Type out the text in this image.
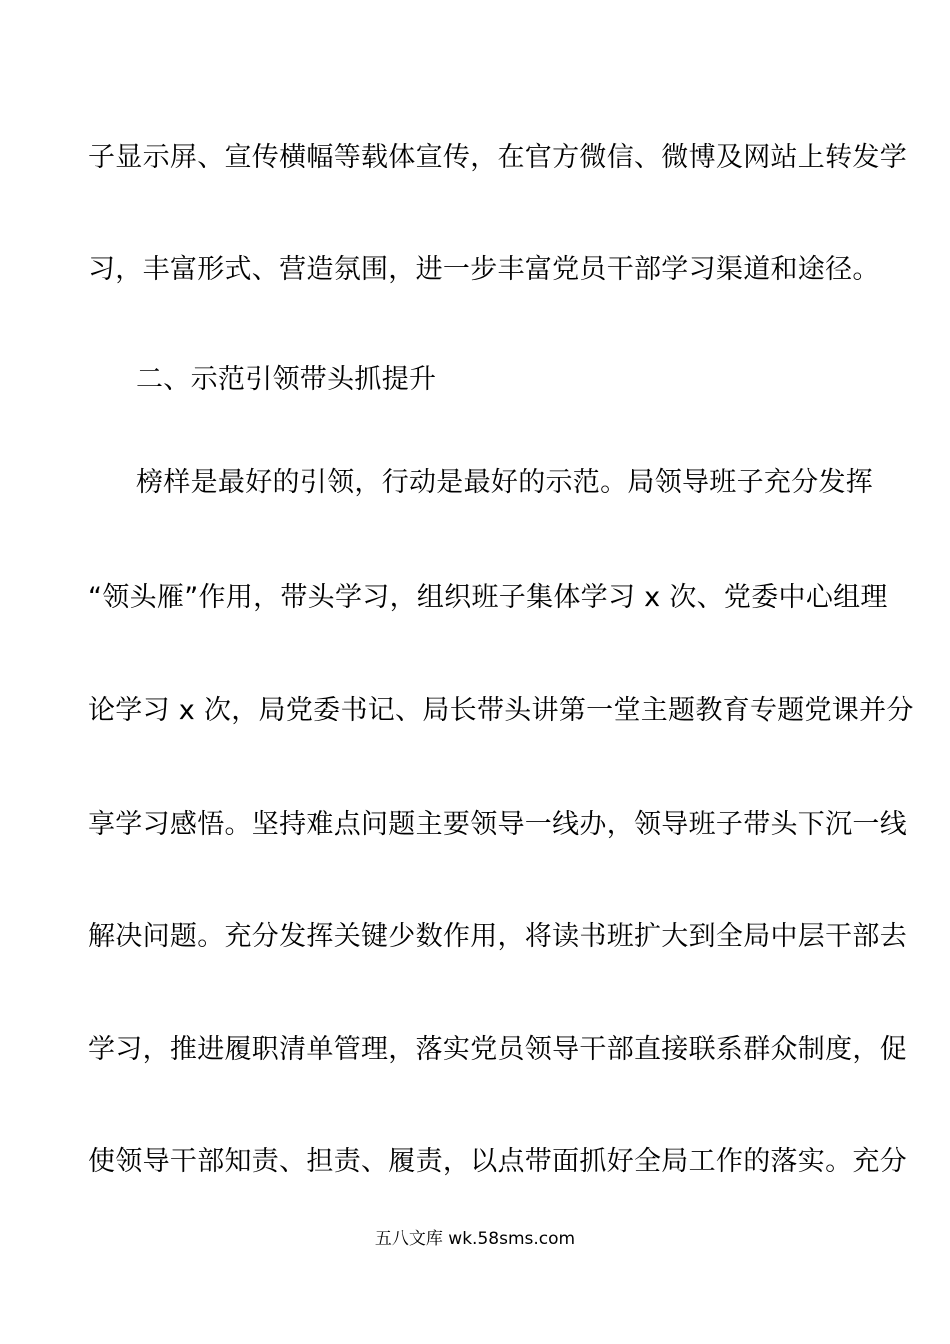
子显示屏、宣传横幅等载体宣传，在官方微信、微博及网站上转发学
习，丰富形式、营造氛围，进一步丰富党员干部学习渠道和途径。
二、示范引领带头抓提升
榜样是最好的引领，行动是最好的示范。局领导班子充分发挥
“领头雁”作用，带头学习，组织班子集体学习 x 次、党委中心组理
论学习 x 次，局党委书记、局长带头讲第一堂主题教育专题党课并分
享学习感悟。坚持难点问题主要领导一线办，领导班子带头下沉一线
解决问题。充分发挥关键少数作用，将读书班扩大到全局中层干部去
学习，推进履职清单管理，落实党员领导干部直接联系群众制度，促
使领导干部知责、担责、履责，以点带面抓好全局工作的落实。充分
五八文库 wk.58sms.com
